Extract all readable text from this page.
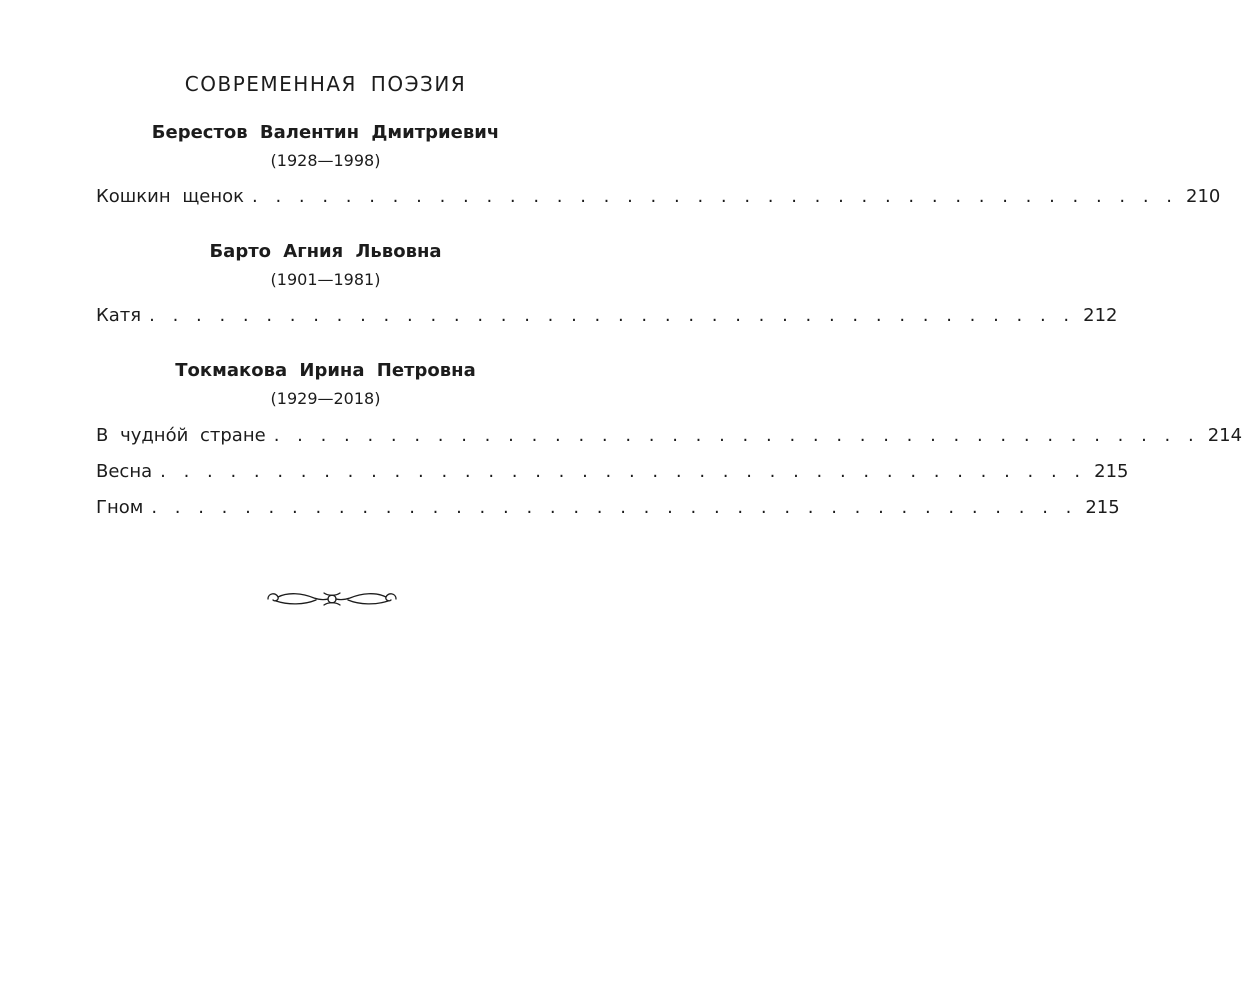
СОВРЕМЕННАЯ ПОЭЗИЯ
Берестов Валентин Дмитриевич
(1928—1998)
Кошкин щенок . . . . . . . . . . . . . . . . . . . . . . . . . . . . . . . . . . . . . . . . 210
Барто Агния Львовна
(1901—1981)
Катя . . . . . . . . . . . . . . . . . . . . . . . . . . . . . . . . . . . . . . . . 212
Токмакова Ирина Петровна
(1929—2018)
В чудно́й стране . . . . . . . . . . . . . . . . . . . . . . . . . . . . . . . . . . . . . . . . 214
Весна . . . . . . . . . . . . . . . . . . . . . . . . . . . . . . . . . . . . . . . . 215
Гном . . . . . . . . . . . . . . . . . . . . . . . . . . . . . . . . . . . . . . . . 215
